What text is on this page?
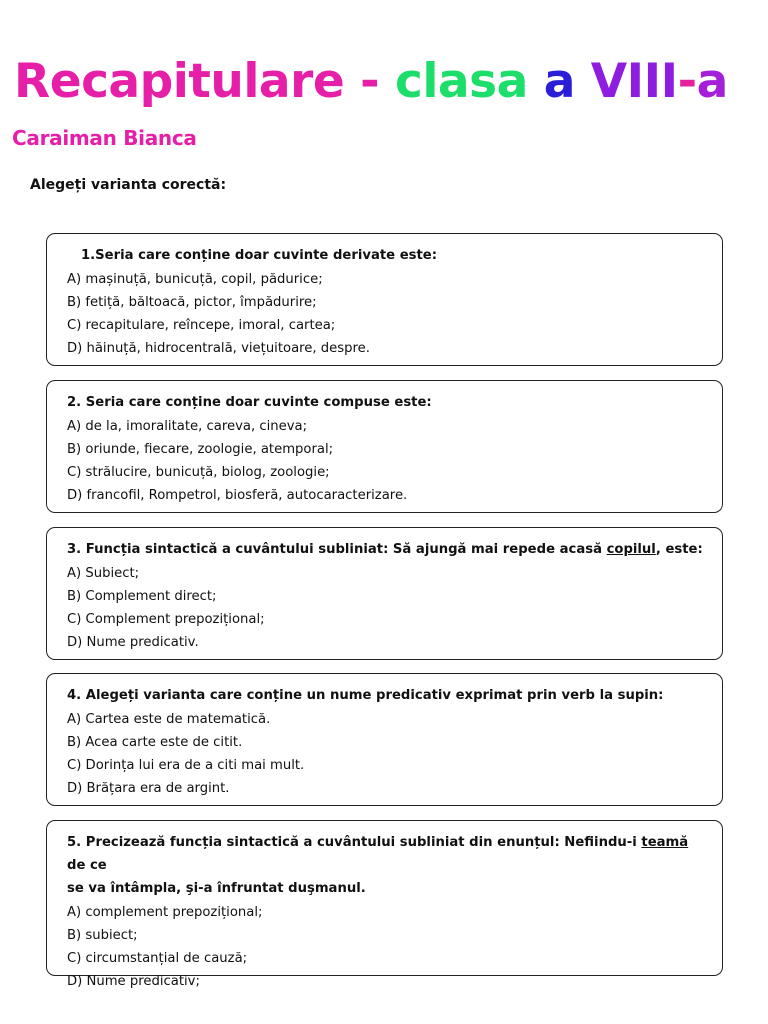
Recapitulare - clasa a VIII-a
Caraiman Bianca
Alegeți varianta corectă:
1.Seria care conține doar cuvinte derivate este:
A) mașinuță, bunicuță, copil, pădurice;
B) fetiță, băltoacă, pictor, împădurire;
C) recapitulare, reîncepe, imoral, cartea;
D) hăinuță, hidrocentrală, viețuitoare, despre.
2. Seria care conține doar cuvinte compuse este:
A) de la, imoralitate, careva, cineva;
B) oriunde, fiecare, zoologie, atemporal;
C) strălucire, bunicuță, biolog, zoologie;
D) francofil, Rompetrol, biosferă, autocaracterizare.
3. Funcția sintactică a cuvântului subliniat: Să ajungă mai repede acasă copilul, este:
A) Subiect;
B) Complement direct;
C) Complement prepozițional;
D) Nume predicativ.
4. Alegeți varianta care conține un nume predicativ exprimat prin verb la supin:
A) Cartea este de matematică.
B) Acea carte este de citit.
C) Dorința lui era de a citi mai mult.
D) Brățara era de argint.
5. Precizează funcția sintactică a cuvântului subliniat din enunțul: Nefiindu-i teamă de ce
se va întâmpla, şi-a înfruntat duşmanul.
A) complement prepozițional;
B) subiect;
C) circumstanțial de cauză;
D) Nume predicativ;
